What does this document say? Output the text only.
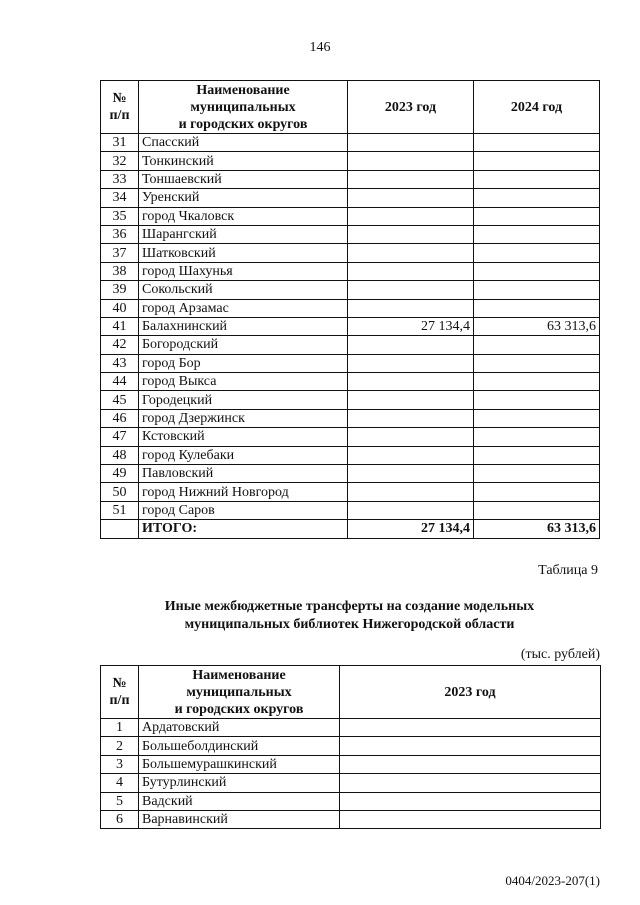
146
№
п/п	Наименование
муниципальных
и городских округов	2023 год	2024 год
31	Спасский		
32	Тонкинский		
33	Тоншаевский		
34	Уренский		
35	город Чкаловск		
36	Шарангский		
37	Шатковский		
38	город Шахунья		
39	Сокольский		
40	город Арзамас		
41	Балахнинский	27 134,4	63 313,6
42	Богородский		
43	город Бор		
44	город Выкса		
45	Городецкий		
46	город Дзержинск		
47	Кстовский		
48	город Кулебаки		
49	Павловский		
50	город Нижний Новгород		
51	город Саров		
	ИТОГО:	27 134,4	63 313,6
Таблица 9
Иные межбюджетные трансферты на создание модельных
муниципальных библиотек Нижегородской области
(тыс. рублей)
№
п/п	Наименование
муниципальных
и городских округов	2023 год
1	Ардатовский	
2	Большеболдинский	
3	Большемурашкинский	
4	Бутурлинский	
5	Вадский	
6	Варнавинский	
0404/2023-207(1)
